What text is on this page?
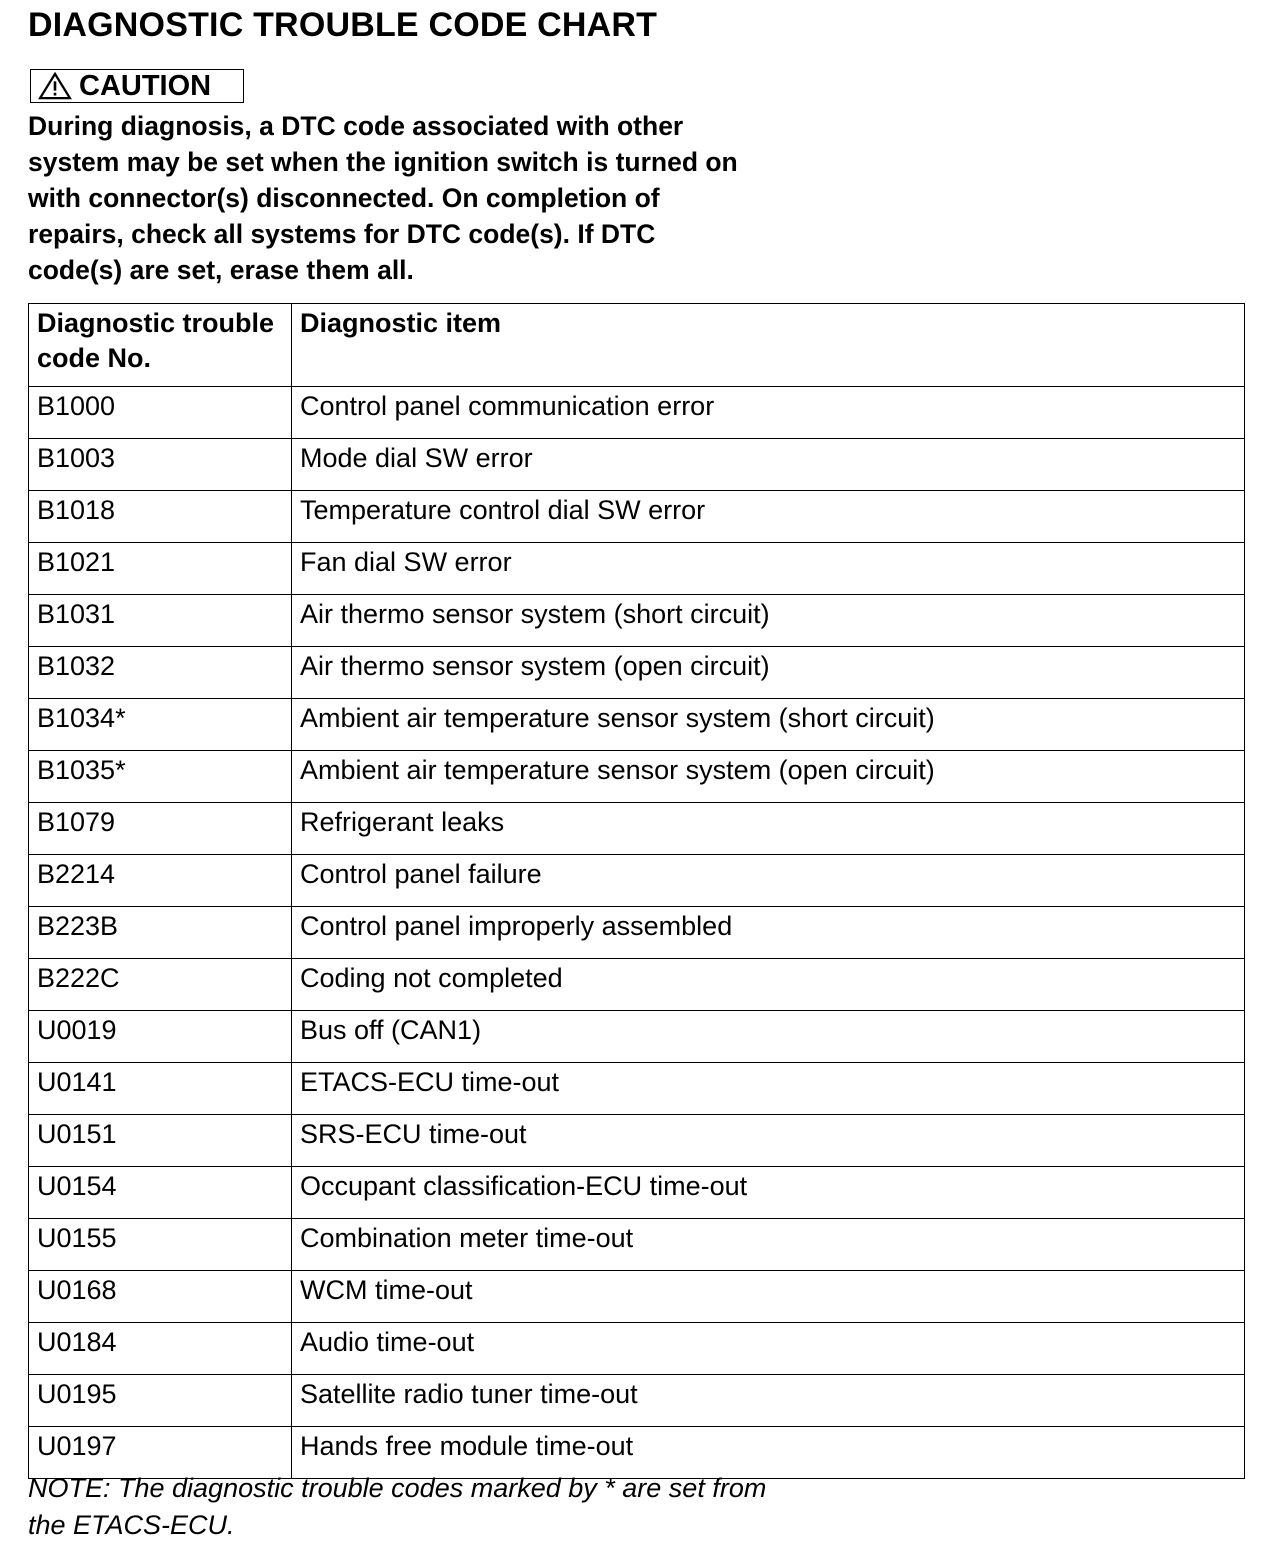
DIAGNOSTIC TROUBLE CODE CHART
CAUTION
During diagnosis, a DTC code associated with other system may be set when the ignition switch is turned on with connector(s) disconnected. On completion of repairs, check all systems for DTC code(s). If DTC code(s) are set, erase them all.
Diagnostic trouble code No.	Diagnostic item
B1000	Control panel communication error
B1003	Mode dial SW error
B1018	Temperature control dial SW error
B1021	Fan dial SW error
B1031	Air thermo sensor system (short circuit)
B1032	Air thermo sensor system (open circuit)
B1034*	Ambient air temperature sensor system (short circuit)
B1035*	Ambient air temperature sensor system (open circuit)
B1079	Refrigerant leaks
B2214	Control panel failure
B223B	Control panel improperly assembled
B222C	Coding not completed
U0019	Bus off (CAN1)
U0141	ETACS-ECU time-out
U0151	SRS-ECU time-out
U0154	Occupant classification-ECU time-out
U0155	Combination meter time-out
U0168	WCM time-out
U0184	Audio time-out
U0195	Satellite radio tuner time-out
U0197	Hands free module time-out
NOTE: The diagnostic trouble codes marked by * are set from the ETACS-ECU.
